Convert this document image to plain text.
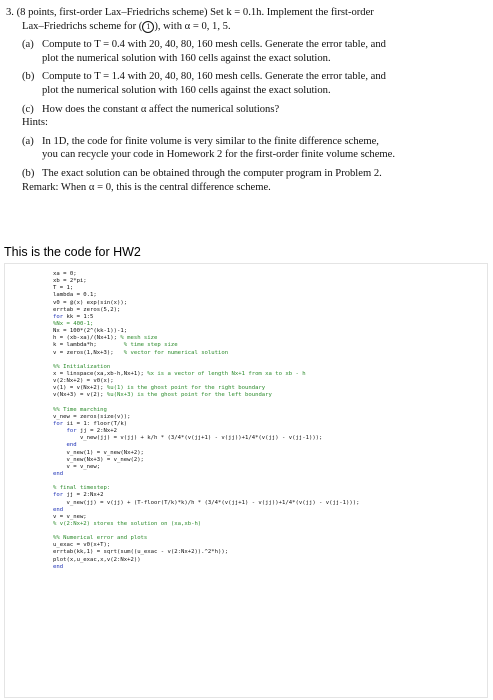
3. (8 points, first-order Lax–Friedrichs scheme) Set k = 0.1h. Implement the first-order

Lax–Friedrichs scheme for ( 1 ), with α = 0, 1, 5.

(a) Compute to T = 0.4 with 20, 40, 80, 160 mesh cells. Generate the error table, and
plot the numerical solution with 160 cells against the exact solution.
(b) Compute to T = 1.4 with 20, 40, 80, 160 mesh cells. Generate the error table, and
plot the numerical solution with 160 cells against the exact solution.
(c) How does the constant α affect the numerical solutions?

Hints:

(a) In 1D, the code for finite volume is very similar to the finite difference scheme,
you can recycle your code in Homework 2 for the first-order finite volume scheme.
(b) The exact solution can be obtained through the computer program in Problem 2.

Remark: When α = 0, this is the central difference scheme.

This is the code for HW2
xa = 0;
xb = 2*pi;
T = 1;
lambda = 0.1;
v0 = @(x) exp(sin(x));
errtab = zeros(5,2);
for kk = 1:5
%Nx = 400-1;
Nx = 100*(2^(kk-1))-1;
h = (xb-xa)/(Nx+1); % mesh size
k = lambda*h;        % time step size
v = zeros(1,Nx+3);   % vector for numerical solution
%% Initialization
x = linspace(xa,xb-h,Nx+1); %x is a vector of length Nx+1 from xa to xb - h
v(2:Nx+2) = v0(x);
v(1) = v(Nx+2); %u(1) is the ghost point for the right boundary
v(Nx+3) = v(2); %u(Nx+3) is the ghost point for the left boundary
%% Time marching
v_new = zeros(size(v));
for ii = 1: floor(T/k)
for jj = 2:Nx+2
v_new(jj) = v(jj) + k/h * (3/4*(v(jj+1) - v(jj))+1/4*(v(jj) - v(jj-1)));
end
v_new(1) = v_new(Nx+2);
v_new(Nx+3) = v_new(2);
v = v_new;
end
% final timestep:
for jj = 2:Nx+2
v_new(jj) = v(jj) + (T-floor(T/k)*k)/h * (3/4*(v(jj+1) - v(jj))+1/4*(v(jj) - v(jj-1)));
end
v = v_new;
% v(2:Nx+2) stores the solution on (xa,xb-h)
%% Numerical error and plots
u_exac = v0(x+T);
errtab(kk,1) = sqrt(sum((u_exac - v(2:Nx+2)).^2*h));
plot(x,u_exac,x,v(2:Nx+2))
end
